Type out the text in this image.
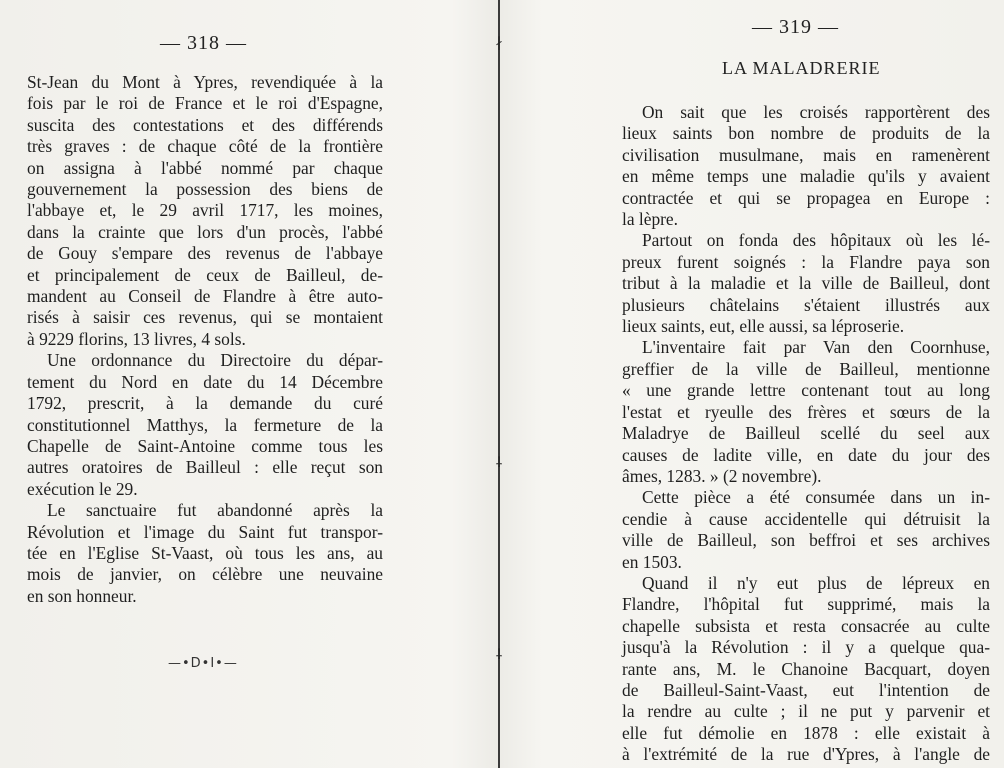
— 318 —

St-Jean du Mont à Ypres, revendiquée à la

fois par le roi de France et le roi d'Espagne,

suscita des contestations et des différends

très graves : de chaque côté de la frontière

on assigna à l'abbé nommé par chaque

gouvernement la possession des biens de

l'abbaye et, le 29 avril 1717, les moines,

dans la crainte que lors d'un procès, l'abbé

de Gouy s'empare des revenus de l'abbaye

et principalement de ceux de Bailleul, de-

mandent au Conseil de Flandre à être auto-

risés à saisir ces revenus, qui se montaient

à 9229 florins, 13 livres, 4 sols.

Une ordonnance du Directoire du dépar-

tement du Nord en date du 14 Décembre

1792, prescrit, à la demande du curé

constitutionnel Matthys, la fermeture de la

Chapelle de Saint-Antoine comme tous les

autres oratoires de Bailleul : elle reçut son

exécution le 29.

Le sanctuaire fut abandonné après la

Révolution et l'image du Saint fut transpor-

tée en l'Eglise St-Vaast, où tous les ans, au

mois de janvier, on célèbre une neuvaine

en son honneur.

—•D•I•—
∤
⸸
⸸
— 319 —
LA MALADRERIE

On sait que les croisés rapportèrent des

lieux saints bon nombre de produits de la

civilisation musulmane, mais en ramenèrent

en même temps une maladie qu'ils y avaient

contractée et qui se propagea en Europe :

la lèpre.

Partout on fonda des hôpitaux où les lé-

preux furent soignés : la Flandre paya son

tribut à la maladie et la ville de Bailleul, dont

plusieurs châtelains s'étaient illustrés aux

lieux saints, eut, elle aussi, sa léproserie.

L'inventaire fait par Van den Coornhuse,

greffier de la ville de Bailleul, mentionne

« une grande lettre contenant tout au long

l'estat et ryeulle des frères et sœurs de la

Maladrye de Bailleul scellé du seel aux

causes de ladite ville, en date du jour des

âmes, 1283. » (2 novembre).

Cette pièce a été consumée dans un in-

cendie à cause accidentelle qui détruisit la

ville de Bailleul, son beffroi et ses archives

en 1503.

Quand il n'y eut plus de lépreux en

Flandre, l'hôpital fut supprimé, mais la

chapelle subsista et resta consacrée au culte

jusqu'à la Révolution : il y a quelque qua-

rante ans, M. le Chanoine Bacquart, doyen

de Bailleul-Saint-Vaast, eut l'intention de

la rendre au culte ; il ne put y parvenir et

elle fut démolie en 1878 : elle existait à

à l'extrémité de la rue d'Ypres, à l'angle de
